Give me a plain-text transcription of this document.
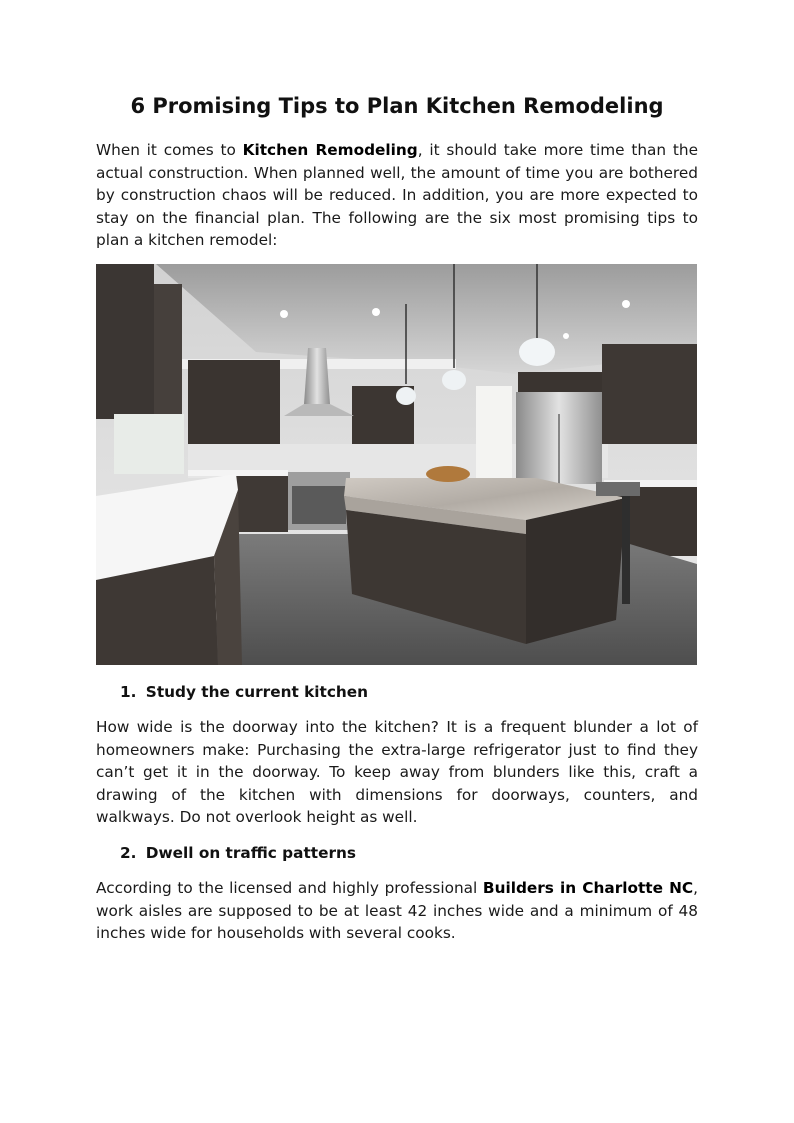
6 Promising Tips to Plan Kitchen Remodeling

When it comes to Kitchen Remodeling, it should take more time than the actual construction. When planned well, the amount of time you are bothered by construction chaos will be reduced. In addition, you are more expected to stay on the financial plan. The following are the six most promising tips to plan a kitchen remodel:

1. Study the current kitchen

How wide is the doorway into the kitchen? It is a frequent blunder a lot of homeowners make: Purchasing the extra-large refrigerator just to find they can’t get it in the doorway. To keep away from blunders like this, craft a drawing of the kitchen with dimensions for doorways, counters, and walkways. Do not overlook height as well.

2. Dwell on traffic patterns

According to the licensed and highly professional Builders in Charlotte NC, work aisles are supposed to be at least 42 inches wide and a minimum of 48 inches wide for households with several cooks.
